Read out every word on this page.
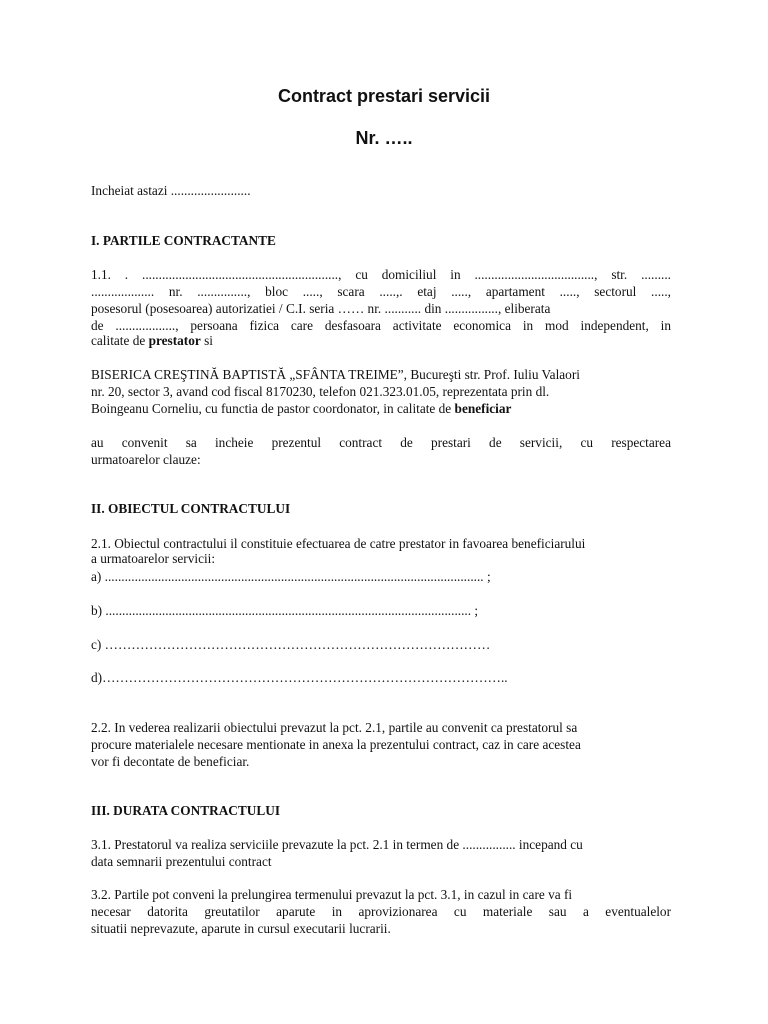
Contract prestari servicii
Nr. …..
Incheiat astazi ........................
I. PARTILE CONTRACTANTE
1.1. . ..........................................................., cu domiciliul in ...................................., str. .........
................... nr. ..............., bloc ....., scara .....,. etaj ....., apartament ....., sectorul .....,
posesorul (posesoarea) autorizatiei / C.I. seria …… nr. ........... din ................, eliberata
de .................., persoana fizica care desfasoara activitate economica in mod independent, in
calitate de prestator si
BISERICA CREŞTINĂ BAPTISTĂ „SFÂNTA TREIME”, Bucureşti str. Prof. Iuliu Valaori
nr. 20, sector 3, avand cod fiscal 8170230, telefon 021.323.01.05, reprezentata prin dl.
Boingeanu Corneliu, cu functia de pastor coordonator, in calitate de beneficiar
au convenit sa incheie prezentul contract de prestari de servicii, cu respectarea
urmatoarelor clauze:
II. OBIECTUL CONTRACTULUI
2.1. Obiectul contractului il constituie efectuarea de catre prestator in favoarea beneficiarului
a urmatoarelor servicii:
a) .................................................................................................................. ;
b) .............................................................................................................. ;
c) ……………………………………………………………………………
d)………………………………………………………………………………..
2.2. In vederea realizarii obiectului prevazut la pct. 2.1, partile au convenit ca prestatorul sa
procure materialele necesare mentionate in anexa la prezentului contract, caz in care acestea
vor fi decontate de beneficiar.
III. DURATA CONTRACTULUI
3.1. Prestatorul va realiza serviciile prevazute la pct. 2.1 in termen de ................ incepand cu
data semnarii prezentului contract
3.2. Partile pot conveni la prelungirea termenului prevazut la pct. 3.1, in cazul in care va fi
necesar datorita greutatilor aparute in aprovizionarea cu materiale sau a eventualelor
situatii neprevazute, aparute in cursul executarii lucrarii.
